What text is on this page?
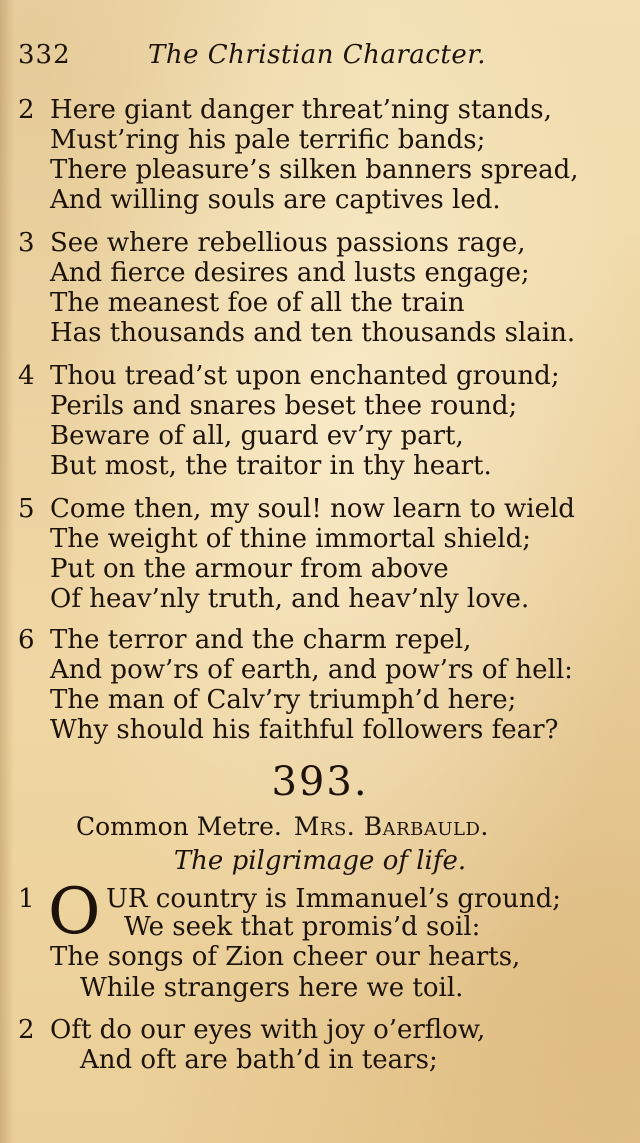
332	The Christian Character.
2 Here giant danger threat’ning stands,
Must’ring his pale terrific bands;
There pleasure’s silken banners spread,
And willing souls are captives led.
3 See where rebellious passions rage,
And fierce desires and lusts engage;
The meanest foe of all the train
Has thousands and ten thousands slain.
4 Thou tread’st upon enchanted ground;
Perils and snares beset thee round;
Beware of all, guard ev’ry part,
But most, the traitor in thy heart.
5 Come then, my soul! now learn to wield
The weight of thine immortal shield;
Put on the armour from above
Of heav’nly truth, and heav’nly love.
6 The terror and the charm repel,
And pow’rs of earth, and pow’rs of hell:
The man of Calv’ry triumph’d here;
Why should his faithful followers fear?
393.
Common Metre. Mrs. Barbauld.
The pilgrimage of life.
1 O UR country is Immanuel’s ground;
We seek that promis’d soil:
The songs of Zion cheer our hearts,
While strangers here we toil.
2 Oft do our eyes with joy o’erflow,
And oft are bath’d in tears;
